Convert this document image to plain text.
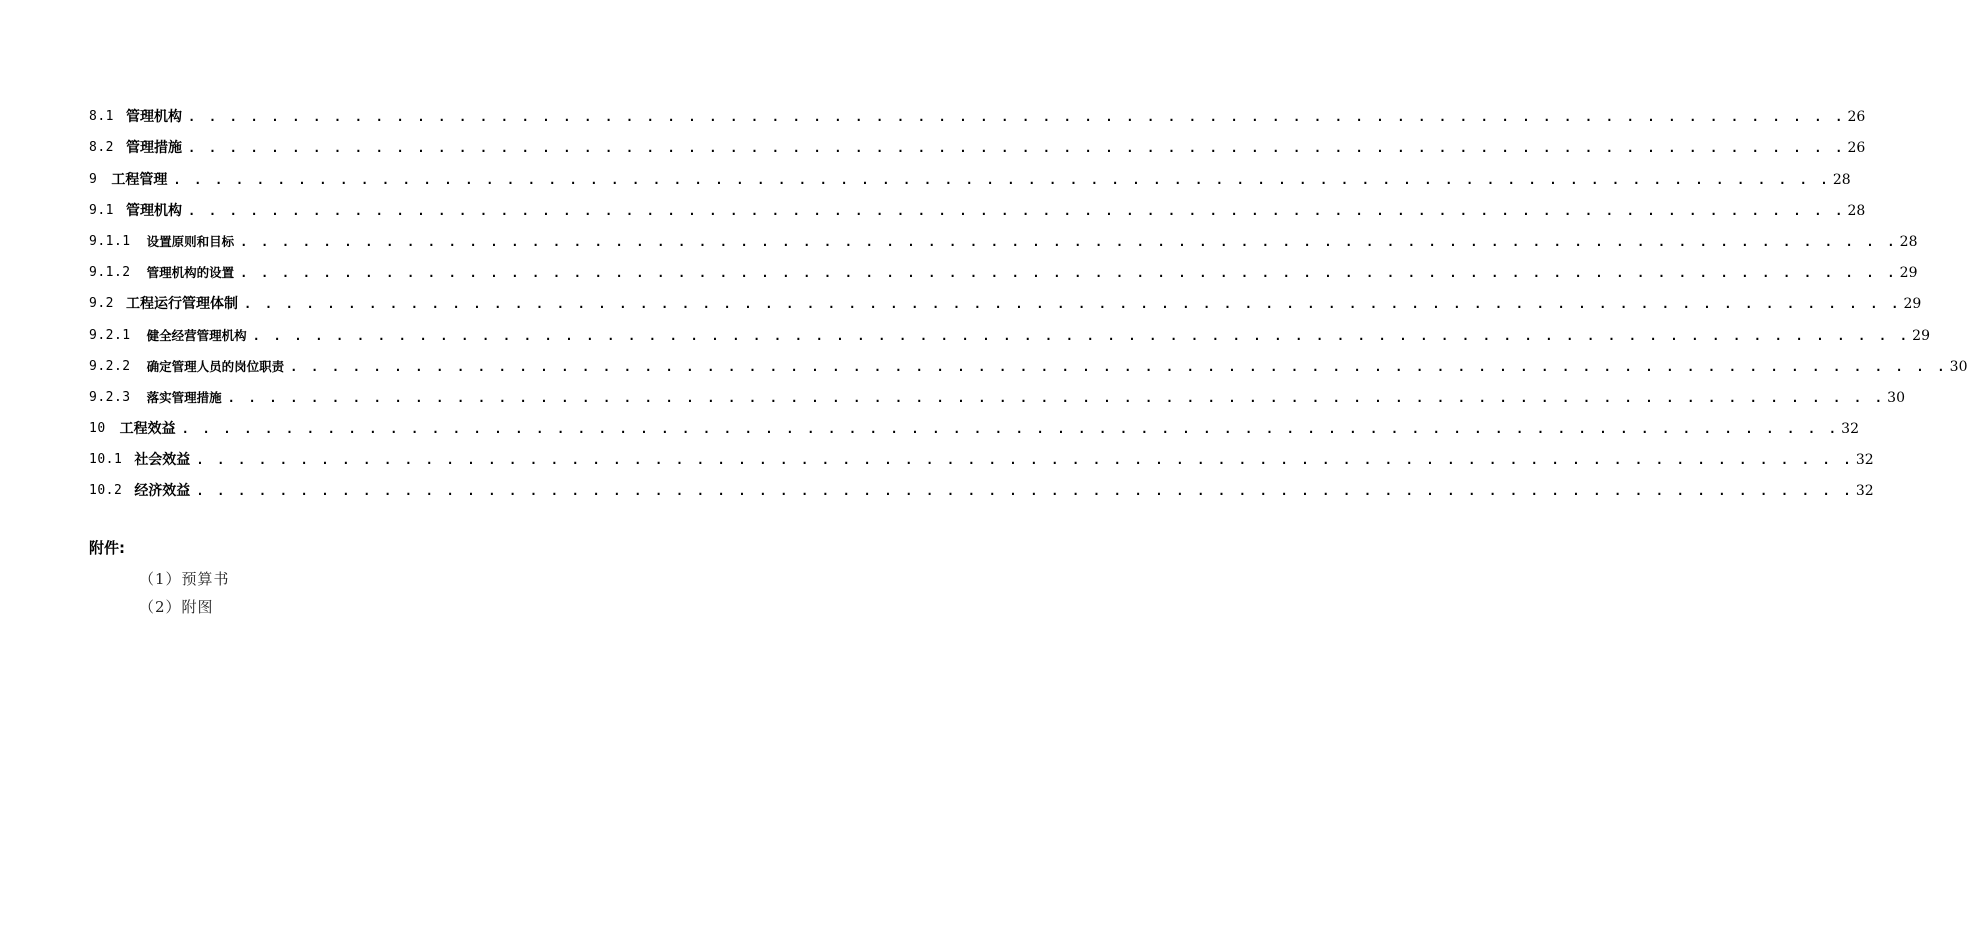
8.1 管理机构 . . . . . . . . . . . . . . . . . . . . . . . . . . . . . . . . . . . . . . . . . . . . . . . . . . . . . . . . . . . . . . . . . . . . . . . . . . . . . . . . 26
8.2 管理措施 . . . . . . . . . . . . . . . . . . . . . . . . . . . . . . . . . . . . . . . . . . . . . . . . . . . . . . . . . . . . . . . . . . . . . . . . . . . . . . . . 26
9	工程管理 . . . . . . . . . . . . . . . . . . . . . . . . . . . . . . . . . . . . . . . . . . . . . . . . . . . . . . . . . . . . . . . . . . . . . . . . . . . . . . . . 28
9.1 管理机构 . . . . . . . . . . . . . . . . . . . . . . . . . . . . . . . . . . . . . . . . . . . . . . . . . . . . . . . . . . . . . . . . . . . . . . . . . . . . . . . . 28
9.1.1	设置原则和目标 . . . . . . . . . . . . . . . . . . . . . . . . . . . . . . . . . . . . . . . . . . . . . . . . . . . . . . . . . . . . . . . . . . . . . . . . . . . . . . . . 28
9.1.2	管理机构的设置 . . . . . . . . . . . . . . . . . . . . . . . . . . . . . . . . . . . . . . . . . . . . . . . . . . . . . . . . . . . . . . . . . . . . . . . . . . . . . . . . 29
9.2 工程运行管理体制 . . . . . . . . . . . . . . . . . . . . . . . . . . . . . . . . . . . . . . . . . . . . . . . . . . . . . . . . . . . . . . . . . . . . . . . . . . . . . . . . 29
9.2.1	健全经营管理机构 . . . . . . . . . . . . . . . . . . . . . . . . . . . . . . . . . . . . . . . . . . . . . . . . . . . . . . . . . . . . . . . . . . . . . . . . . . . . . . . . 29
9.2.2	确定管理人员的岗位职责 . . . . . . . . . . . . . . . . . . . . . . . . . . . . . . . . . . . . . . . . . . . . . . . . . . . . . . . . . . . . . . . . . . . . . . . . . . . . . . . . 30
9.2.3	落实管理措施 . . . . . . . . . . . . . . . . . . . . . . . . . . . . . . . . . . . . . . . . . . . . . . . . . . . . . . . . . . . . . . . . . . . . . . . . . . . . . . . . 30
10	工程效益 . . . . . . . . . . . . . . . . . . . . . . . . . . . . . . . . . . . . . . . . . . . . . . . . . . . . . . . . . . . . . . . . . . . . . . . . . . . . . . . . 32
10.1 社会效益 . . . . . . . . . . . . . . . . . . . . . . . . . . . . . . . . . . . . . . . . . . . . . . . . . . . . . . . . . . . . . . . . . . . . . . . . . . . . . . . . 32
10.2 经济效益 . . . . . . . . . . . . . . . . . . . . . . . . . . . . . . . . . . . . . . . . . . . . . . . . . . . . . . . . . . . . . . . . . . . . . . . . . . . . . . . . 32
附件:
（1）预算书
（2）附图
